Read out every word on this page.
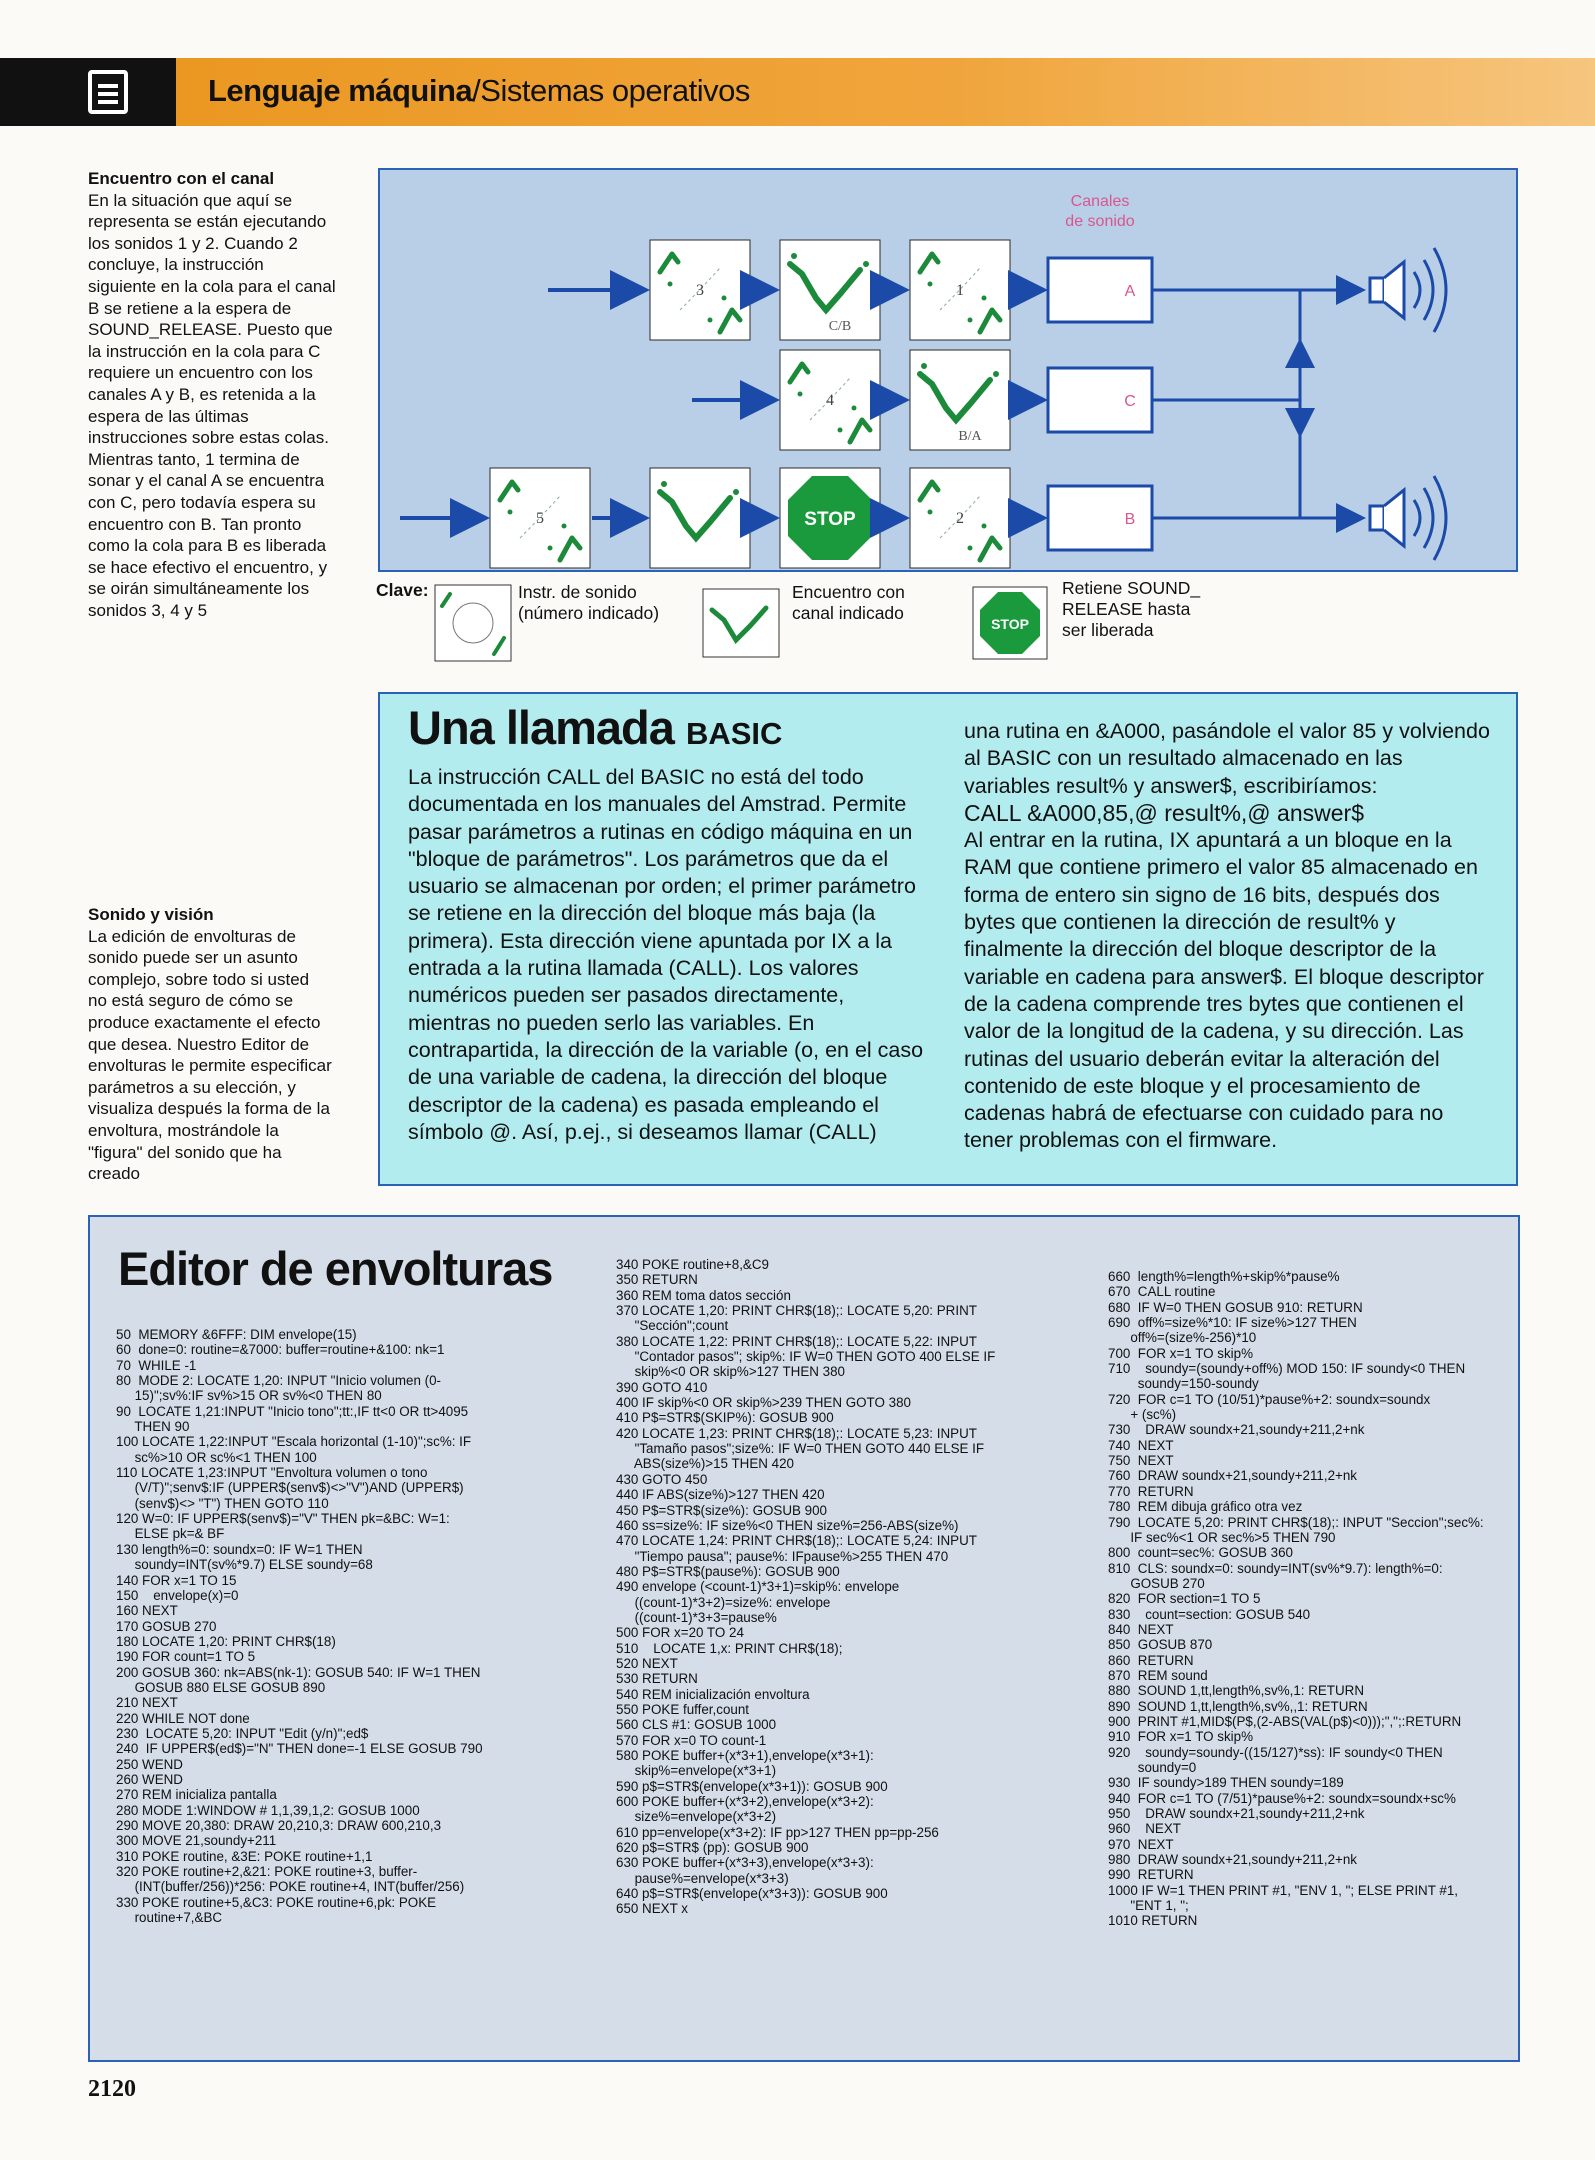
Lenguaje máquina/Sistemas operativos
Encuentro con el canal
En la situación que aquí se
representa se están ejecutando
los sonidos 1 y 2. Cuando 2
concluye, la instrucción
siguiente en la cola para el canal
B se retiene a la espera de
SOUND_RELEASE. Puesto que
la instrucción en la cola para C
requiere un encuentro con los
canales A y B, es retenida a la
espera de las últimas
instrucciones sobre estas colas.
Mientras tanto, 1 termina de
sonar y el canal A se encuentra
con C, pero todavía espera su
encuentro con B. Tan pronto
como la cola para B es liberada
se hace efectivo el encuentro, y
se oirán simultáneamente los
sonidos 3, 4 y 5
Canales
de sonido
A
C
B
3	1
4
5	2
C/B
B/A
STOP
Clave:	Instr. de sonido
(número indicado)
Encuentro con
canal indicado
STOP
Retiene SOUND_
RELEASE hasta
ser liberada
Sonido y visión
La edición de envolturas de
sonido puede ser un asunto
complejo, sobre todo si usted
no está seguro de cómo se
produce exactamente el efecto
que desea. Nuestro Editor de
envolturas le permite especificar
parámetros a su elección, y
visualiza después la forma de la
envoltura, mostrándole la
"figura" del sonido que ha
creado
Una llamada BASIC

La instrucción CALL del BASIC no está del todo documentada en los manuales del Amstrad. Permite pasar parámetros a rutinas en código máquina en un "bloque de parámetros". Los parámetros que da el usuario se almacenan por orden; el primer parámetro se retiene en la dirección del bloque más baja (la primera). Esta dirección viene apuntada por IX a la entrada a la rutina llamada (CALL). Los valores numéricos pueden ser pasados directamente, mientras no pueden serlo las variables. En contrapartida, la dirección de la variable (o, en el caso de una variable de cadena, la dirección del bloque descriptor de la cadena) es pasada empleando el símbolo @. Así, p.ej., si deseamos llamar (CALL)

una rutina en &A000, pasándole el valor 85 y volviendo al BASIC con un resultado almacenado en las variables result% y answer$, escribiríamos:

CALL &A000,85,@ result%,@ answer$

Al entrar en la rutina, IX apuntará a un bloque en la RAM que contiene primero el valor 85 almacenado en forma de entero sin signo de 16 bits, después dos bytes que contienen la dirección de result% y finalmente la dirección del bloque descriptor de la variable en cadena para answer$. El bloque descriptor de la cadena comprende tres bytes que contienen el valor de la longitud de la cadena, y su dirección. Las rutinas del usuario deberán evitar la alteración del contenido de este bloque y el procesamiento de cadenas habrá de efectuarse con cuidado para no tener problemas con el firmware.

Editor de envolturas
50  MEMORY &6FFF: DIM envelope(15)
60  done=0: routine=&7000: buffer=routine+&100: nk=1
70  WHILE -1
80  MODE 2: LOCATE 1,20: INPUT "Inicio volumen (0-
15)";sv%:IF sv%>15 OR sv%<0 THEN 80
90  LOCATE 1,21:INPUT "Inicio tono";tt:,IF tt<0 OR tt>4095
THEN 90
100 LOCATE 1,22:INPUT "Escala horizontal (1-10)";sc%: IF
sc%>10 OR sc%<1 THEN 100
110 LOCATE 1,23:INPUT "Envoltura volumen o tono
(V/T)";senv$:IF (UPPER$(senv$)<>"V")AND (UPPER$)
(senv$)<> "T") THEN GOTO 110
120 W=0: IF UPPER$(senv$)="V" THEN pk=&BC: W=1:
ELSE pk=& BF
130 length%=0: soundx=0: IF W=1 THEN
soundy=INT(sv%*9.7) ELSE soundy=68
140 FOR x=1 TO 15
150    envelope(x)=0
160 NEXT
170 GOSUB 270
180 LOCATE 1,20: PRINT CHR$(18)
190 FOR count=1 TO 5
200 GOSUB 360: nk=ABS(nk-1): GOSUB 540: IF W=1 THEN
GOSUB 880 ELSE GOSUB 890
210 NEXT
220 WHILE NOT done
230  LOCATE 5,20: INPUT "Edit (y/n)";ed$
240  IF UPPER$(ed$)="N" THEN done=-1 ELSE GOSUB 790
250 WEND
260 WEND
270 REM inicializa pantalla
280 MODE 1:WINDOW # 1,1,39,1,2: GOSUB 1000
290 MOVE 20,380: DRAW 20,210,3: DRAW 600,210,3
300 MOVE 21,soundy+211
310 POKE routine, &3E: POKE routine+1,1
320 POKE routine+2,&21: POKE routine+3, buffer-
(INT(buffer/256))*256: POKE routine+4, INT(buffer/256)
330 POKE routine+5,&C3: POKE routine+6,pk: POKE
routine+7,&BC
340 POKE routine+8,&C9
350 RETURN
360 REM toma datos sección
370 LOCATE 1,20: PRINT CHR$(18);: LOCATE 5,20: PRINT
"Sección";count
380 LOCATE 1,22: PRINT CHR$(18);: LOCATE 5,22: INPUT
"Contador pasos"; skip%: IF W=0 THEN GOTO 400 ELSE IF
skip%<0 OR skip%>127 THEN 380
390 GOTO 410
400 IF skip%<0 OR skip%>239 THEN GOTO 380
410 P$=STR$(SKIP%): GOSUB 900
420 LOCATE 1,23: PRINT CHR$(18);: LOCATE 5,23: INPUT
"Tamaño pasos";size%: IF W=0 THEN GOTO 440 ELSE IF
ABS(size%)>15 THEN 420
430 GOTO 450
440 IF ABS(size%)>127 THEN 420
450 P$=STR$(size%): GOSUB 900
460 ss=size%: IF size%<0 THEN size%=256-ABS(size%)
470 LOCATE 1,24: PRINT CHR$(18);: LOCATE 5,24: INPUT
"Tiempo pausa"; pause%: IFpause%>255 THEN 470
480 P$=STR$(pause%): GOSUB 900
490 envelope (<count-1)*3+1)=skip%: envelope
((count-1)*3+2)=size%: envelope
((count-1)*3+3=pause%
500 FOR x=20 TO 24
510    LOCATE 1,x: PRINT CHR$(18);
520 NEXT
530 RETURN
540 REM inicialización envoltura
550 POKE fuffer,count
560 CLS #1: GOSUB 1000
570 FOR x=0 TO count-1
580 POKE buffer+(x*3+1),envelope(x*3+1):
skip%=envelope(x*3+1)
590 p$=STR$(envelope(x*3+1)): GOSUB 900
600 POKE buffer+(x*3+2),envelope(x*3+2):
size%=envelope(x*3+2)
610 pp=envelope(x*3+2): IF pp>127 THEN pp=pp-256
620 p$=STR$ (pp): GOSUB 900
630 POKE buffer+(x*3+3),envelope(x*3+3):
pause%=envelope(x*3+3)
640 p$=STR$(envelope(x*3+3)): GOSUB 900
650 NEXT x
660  length%=length%+skip%*pause%
670  CALL routine
680  IF W=0 THEN GOSUB 910: RETURN
690  off%=size%*10: IF size%>127 THEN
off%=(size%-256)*10
700  FOR x=1 TO skip%
710    soundy=(soundy+off%) MOD 150: IF soundy<0 THEN
soundy=150-soundy
720  FOR c=1 TO (10/51)*pause%+2: soundx=soundx
+ (sc%)
730    DRAW soundx+21,soundy+211,2+nk
740  NEXT
750  NEXT
760  DRAW soundx+21,soundy+211,2+nk
770  RETURN
780  REM dibuja gráfico otra vez
790  LOCATE 5,20: PRINT CHR$(18);: INPUT "Seccion";sec%:
IF sec%<1 OR sec%>5 THEN 790
800  count=sec%: GOSUB 360
810  CLS: soundx=0: soundy=INT(sv%*9.7): length%=0:
GOSUB 270
820  FOR section=1 TO 5
830    count=section: GOSUB 540
840  NEXT
850  GOSUB 870
860  RETURN
870  REM sound
880  SOUND 1,tt,length%,sv%,1: RETURN
890  SOUND 1,tt,length%,sv%,,1: RETURN
900  PRINT #1,MID$(P$,(2-ABS(VAL(p$)<0)));",";:RETURN
910  FOR x=1 TO skip%
920    soundy=soundy-((15/127)*ss): IF soundy<0 THEN
soundy=0
930  IF soundy>189 THEN soundy=189
940  FOR c=1 TO (7/51)*pause%+2: soundx=soundx+sc%
950    DRAW soundx+21,soundy+211,2+nk
960    NEXT
970  NEXT
980  DRAW soundx+21,soundy+211,2+nk
990  RETURN
1000 IF W=1 THEN PRINT #1, "ENV 1, "; ELSE PRINT #1,
"ENT 1, ";
1010 RETURN
2120
